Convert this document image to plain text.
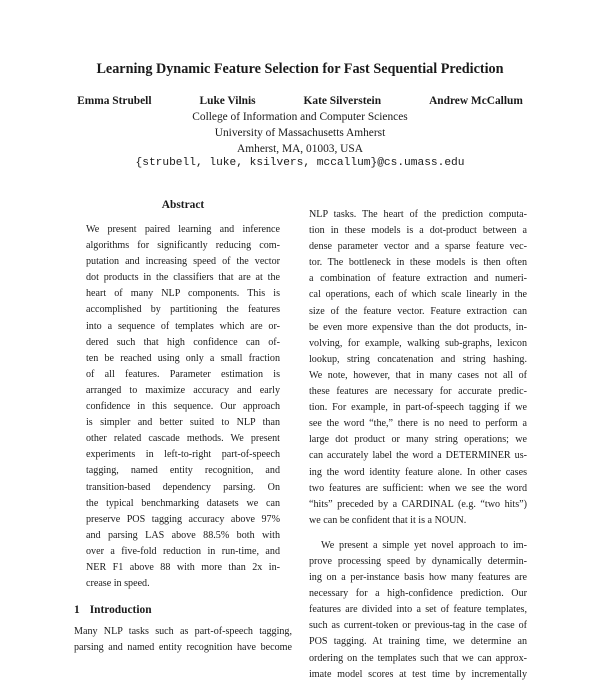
Learning Dynamic Feature Selection for Fast Sequential Prediction
Emma Strubell	Luke Vilnis	Kate Silverstein	Andrew McCallum
College of Information and Computer Sciences
University of Massachusetts Amherst
Amherst, MA, 01003, USA
{strubell, luke, ksilvers, mccallum}@cs.umass.edu
Abstract
We present paired learning and inference
algorithms for significantly reducing com-
putation and increasing speed of the vector
dot products in the classifiers that are at the
heart of many NLP components. This is
accomplished by partitioning the features
into a sequence of templates which are or-
dered such that high confidence can of-
ten be reached using only a small fraction
of all features. Parameter estimation is
arranged to maximize accuracy and early
confidence in this sequence. Our approach
is simpler and better suited to NLP than
other related cascade methods. We present
experiments in left-to-right part-of-speech
tagging, named entity recognition, and
transition-based dependency parsing. On
the typical benchmarking datasets we can
preserve POS tagging accuracy above 97%
and parsing LAS above 88.5% both with
over a five-fold reduction in run-time, and
NER F1 above 88 with more than 2x in-
crease in speed.
1 Introduction
Many NLP tasks such as part-of-speech tagging,
parsing and named entity recognition have become
NLP tasks. The heart of the prediction computa-
tion in these models is a dot-product between a
dense parameter vector and a sparse feature vec-
tor. The bottleneck in these models is then often
a combination of feature extraction and numeri-
cal operations, each of which scale linearly in the
size of the feature vector. Feature extraction can
be even more expensive than the dot products, in-
volving, for example, walking sub-graphs, lexicon
lookup, string concatenation and string hashing.
We note, however, that in many cases not all of
these features are necessary for accurate predic-
tion. For example, in part-of-speech tagging if we
see the word “the,” there is no need to perform a
large dot product or many string operations; we
can accurately label the word a DETERMINER us-
ing the word identity feature alone. In other cases
two features are sufficient: when we see the word
“hits” preceded by a CARDINAL (e.g. “two hits”)
we can be confident that it is a NOUN.
We present a simple yet novel approach to im-
prove processing speed by dynamically determin-
ing on a per-instance basis how many features are
necessary for a high-confidence prediction. Our
features are divided into a set of feature templates,
such as current-token or previous-tag in the case of
POS tagging. At training time, we determine an
ordering on the templates such that we can approx-
imate model scores at test time by incrementally
